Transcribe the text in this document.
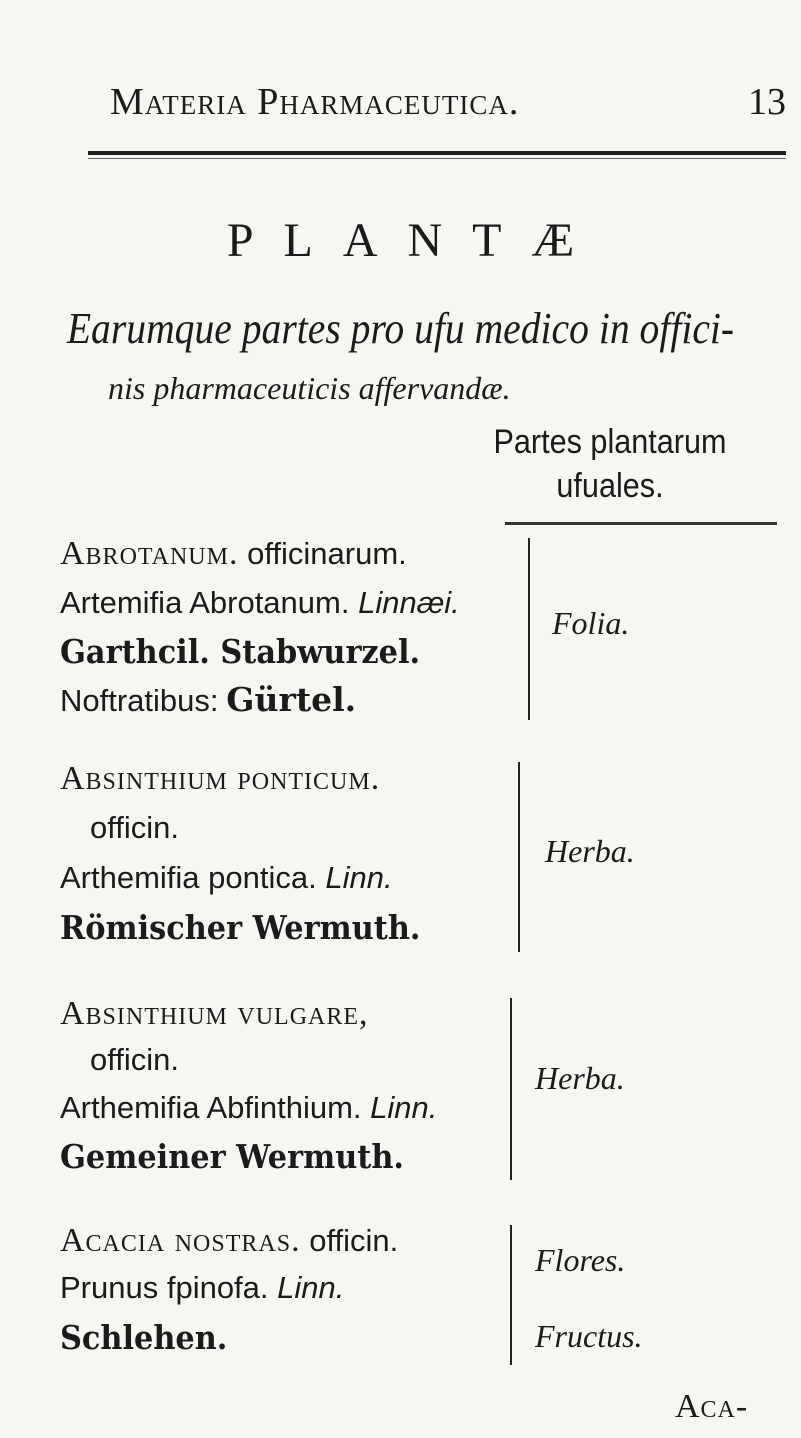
Materia Pharmaceutica.	13
PLANTÆ
Earumque partes pro ufu medico in offici-
nis pharmaceuticis affervandæ.
Partes plantarum
ufuales.
Abrotanum. officinarum.
Artemifia Abrotanum. Linnæi.
Garthcil. Stabwurzel.
Noftratibus: Gürtel.
Folia.
Absinthium ponticum.
officin.
Arthemifia pontica. Linn.
Römischer Wermuth.
Herba.
Absinthium vulgare,
officin.
Arthemifia Abfinthium. Linn.
Gemeiner Wermuth.
Herba.
Acacia nostras. officin.
Prunus fpinofa. Linn.
Schlehen.
Flores.
Fructus.
Aca-
